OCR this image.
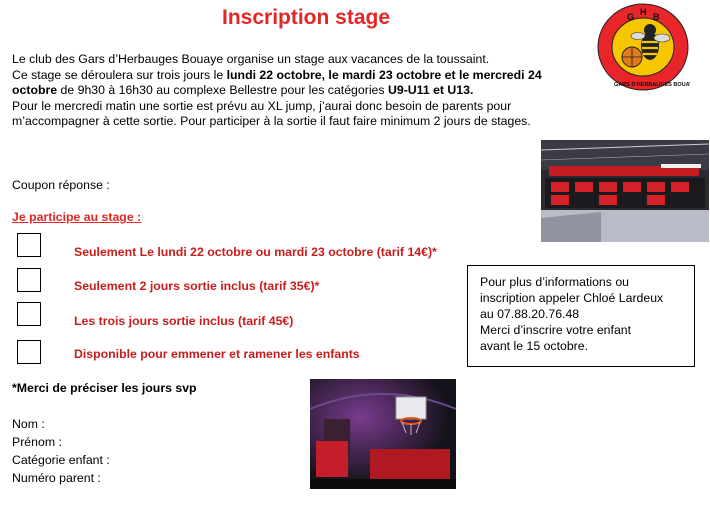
Inscription stage	G H B
GARS D'HERBAUGES BOUAYE

Le club des Gars d’Herbauges Bouaye organise un stage aux vacances de la toussaint.

Ce stage se déroulera sur trois jours le lundi 22 octobre, le mardi 23 octobre et le mercredi 24

octobre de 9h30 à 16h30 au complexe Bellestre pour les catégories U9-U11 et U13.

Pour le mercredi matin une sortie est prévu au XL jump, j’aurai donc besoin de parents pour

m’accompagner à cette sortie. Pour participer à la sortie il faut faire minimum 2 jours de stages.

Coupon réponse :
Je participe au stage :
Seulement Le lundi 22 octobre ou mardi 23 octobre (tarif 14€)*
Seulement 2 jours sortie inclus (tarif 35€)*
Les trois jours sortie inclus (tarif 45€)
Disponible pour emmener et ramener les enfants
Pour plus d’informations ou
inscription appeler Chloé Lardeux
au 07.88.20.76.48
Merci d’inscrire votre enfant
avant le 15 octobre.
*Merci de préciser les jours svp
Nom :
Prénom :
Catégorie enfant :
Numéro parent :
